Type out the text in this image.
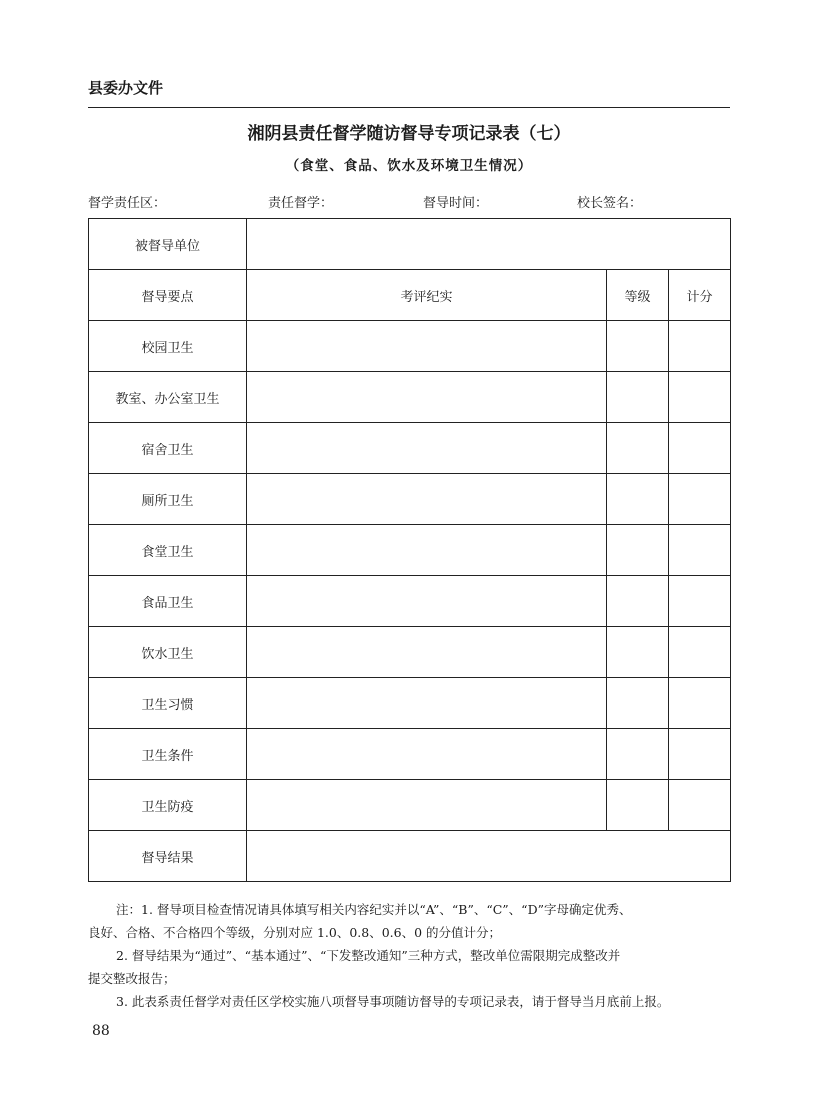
县委办文件
湘阴县责任督学随访督导专项记录表（七）
（食堂、食品、饮水及环境卫生情况）
督学责任区：	责任督学：	督导时间：	校长签名：
被督导单位			
督导要点	考评纪实	等级	计分
校园卫生			
教室、办公室卫生			
宿舍卫生			
厕所卫生			
食堂卫生			
食品卫生			
饮水卫生			
卫生习惯			
卫生条件			
卫生防疫			
督导结果			

注：1. 督导项目检查情况请具体填写相关内容纪实并以“A”、“B”、“C”、“D”字母确定优秀、

良好、合格、不合格四个等级，分别对应 1.0、0.8、0.6、0 的分值计分；

2. 督导结果为“通过”、“基本通过”、“下发整改通知”三种方式，整改单位需限期完成整改并

提交整改报告；

3. 此表系责任督学对责任区学校实施八项督导事项随访督导的专项记录表，请于督导当月底前上报。

88
